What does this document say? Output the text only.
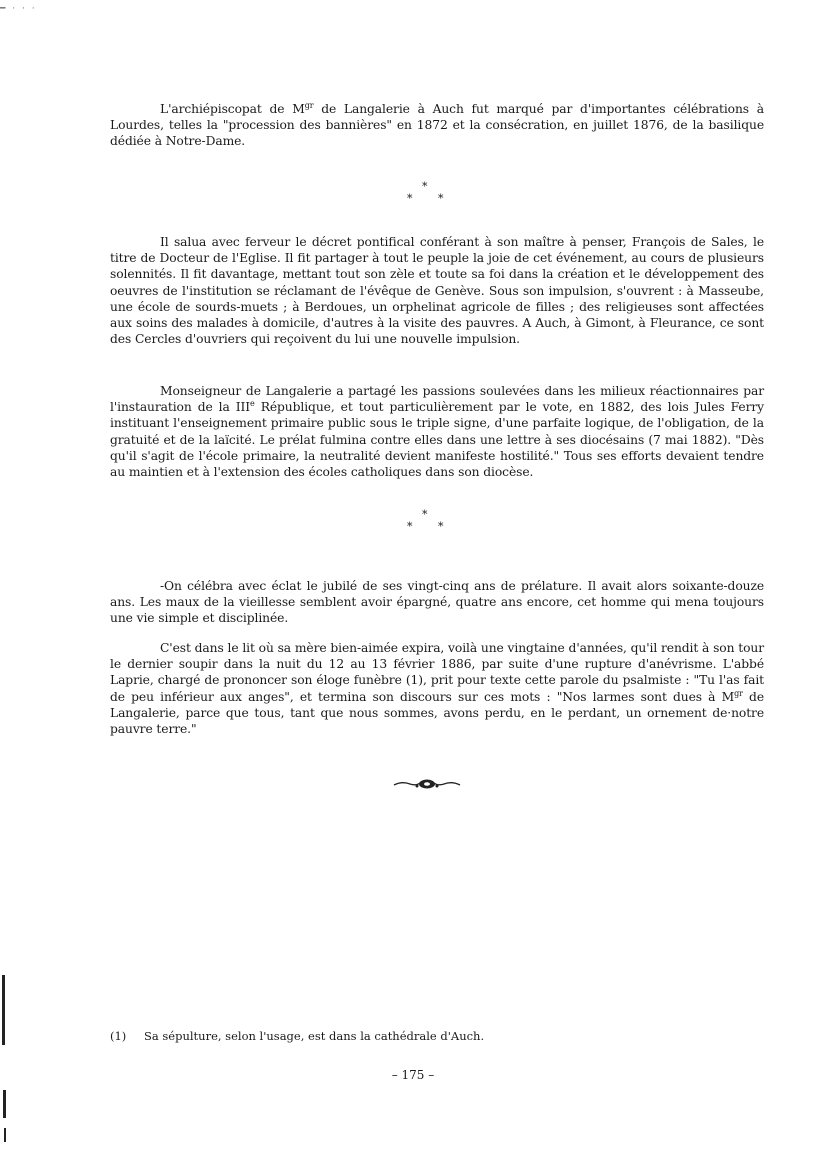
━ · · ·

L'archiépiscopat de $M^{gr}$ de Langalerie à Auch fut marqué par d'importantes célébrations à Lourdes, telles la "procession des bannières" en 1872 et la consécration, en juillet 1876, de la basilique dédiée à Notre-Dame.

*
* *

Il salua avec ferveur le décret pontifical conférant à son maître à penser, François de Sales, le titre de Docteur de l'Eglise. Il fit partager à tout le peuple la joie de cet événement, au cours de plusieurs solennités. Il fit davantage, mettant tout son zèle et toute sa foi dans la création et le développement des oeuvres de l'institution se réclamant de l'évêque de Genève. Sous son impulsion, s'ouvrent : à Masseube, une école de sourds-muets ; à Berdoues, un orphelinat agricole de filles ; des religieuses sont affectées aux soins des malades à domicile, d'autres à la visite des pauvres. A Auch, à Gimont, à Fleurance, ce sont des Cercles d'ouvriers qui reçoivent du lui une nouvelle impulsion.

Monseigneur de Langalerie a partagé les passions soulevées dans les milieux réactionnaires par l'instauration de la IIIe République, et tout particulièrement par le vote, en 1882, des lois Jules Ferry instituant l'enseignement primaire public sous le triple signe, d'une parfaite logique, de l'obligation, de la gratuité et de la laïcité. Le prélat fulmina contre elles dans une lettre à ses diocésains (7 mai 1882). "Dès qu'il s'agit de l'école primaire, la neutralité devient manifeste hostilité." Tous ses efforts devaient tendre au maintien et à l'extension des écoles catholiques dans son diocèse.

*
* *

-On célébra avec éclat le jubilé de ses vingt-cinq ans de prélature. Il avait alors soixante-douze ans. Les maux de la vieillesse semblent avoir épargné, quatre ans encore, cet homme qui mena toujours une vie simple et disciplinée.

C'est dans le lit où sa mère bien-aimée expira, voilà une vingtaine d'années, qu'il rendit à son tour le dernier soupir dans la nuit du 12 au 13 février 1886, par suite d'une rupture d'anévrisme. L'abbé Laprie, chargé de prononcer son éloge funèbre (1), prit pour texte cette parole du psalmiste : "Tu l'as fait de peu inférieur aux anges", et termina son discours sur ces mots : "Nos larmes sont dues à $M^{gr}$ de Langalerie, parce que tous, tant que nous sommes, avons perdu, en le perdant, un ornement de·notre pauvre terre."

(1) Sa sépulture, selon l'usage, est dans la cathédrale d'Auch.
– 175 –
